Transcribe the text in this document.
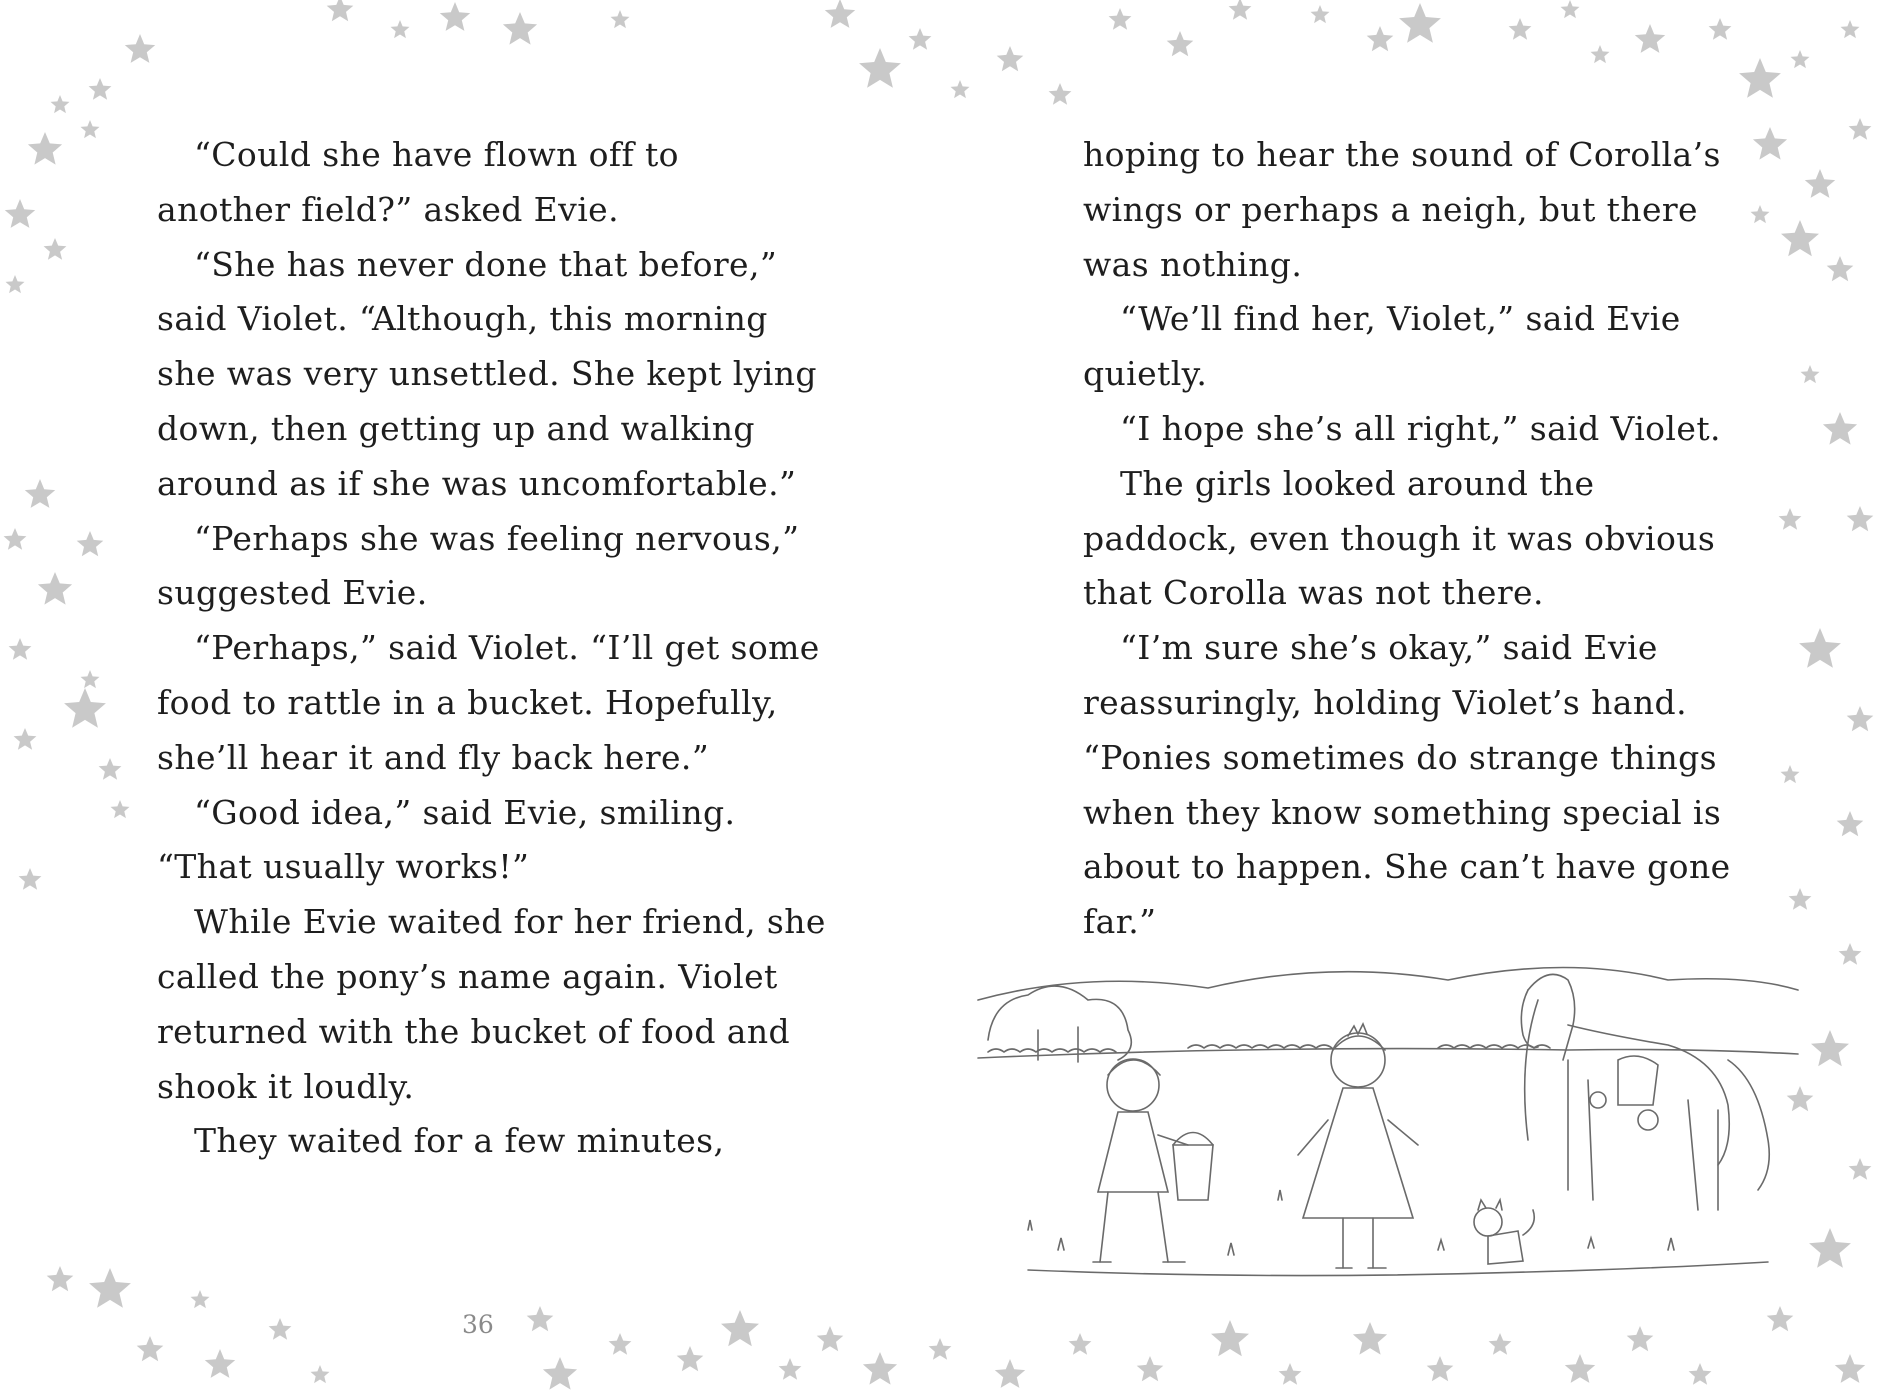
“Could she have flown off to
another field?” asked Evie.
“She has never done that before,”
said Violet. “Although, this morning
she was very unsettled. She kept lying
down, then getting up and walking
around as if she was uncomfortable.”
“Perhaps she was feeling nervous,”
suggested Evie.
“Perhaps,” said Violet. “I’ll get some
food to rattle in a bucket. Hopefully,
she’ll hear it and fly back here.”
“Good idea,” said Evie, smiling.
“That usually works!”
While Evie waited for her friend, she
called the pony’s name again. Violet
returned with the bucket of food and
shook it loudly.
They waited for a few minutes,
hoping to hear the sound of Corolla’s
wings or perhaps a neigh, but there
was nothing.
“We’ll find her, Violet,” said Evie
quietly.
“I hope she’s all right,” said Violet.
The girls looked around the
paddock, even though it was obvious
that Corolla was not there.
“I’m sure she’s okay,” said Evie
reassuringly, holding Violet’s hand.
“Ponies sometimes do strange things
when they know something special is
about to happen. She can’t have gone
far.”
36
